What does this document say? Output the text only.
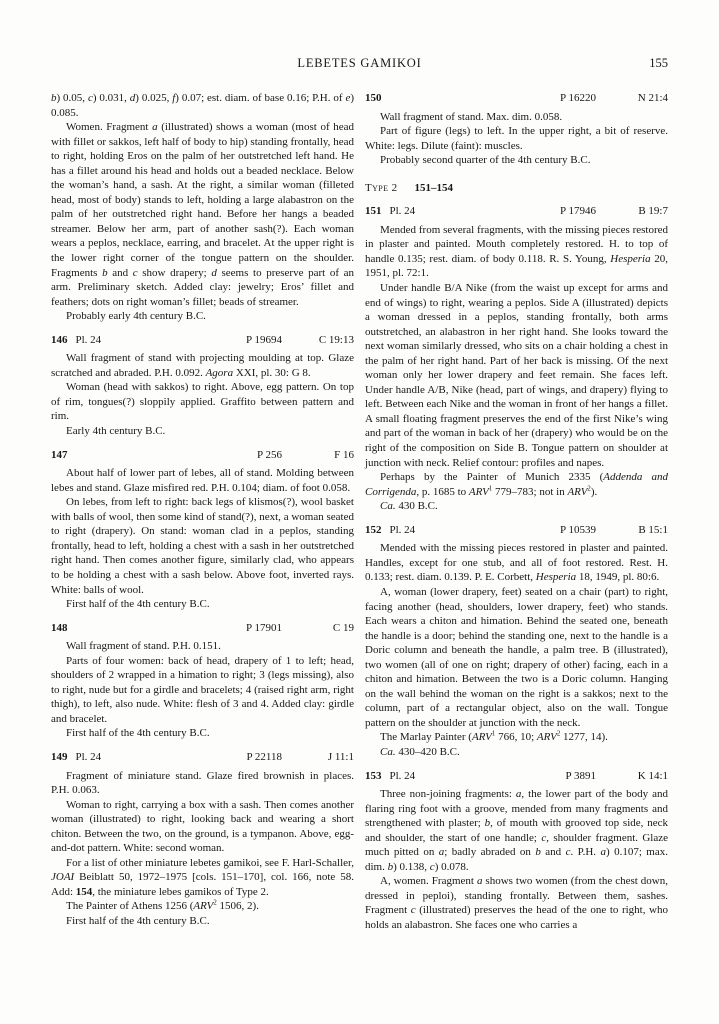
LEBETES GAMIKOI	155

b) 0.05, c) 0.031, d) 0.025, f) 0.07; est. diam. of base 0.16; P.H. of e) 0.085.

Women. Fragment a (illustrated) shows a woman (most of head with fillet or sakkos, left half of body to hip) standing frontally, head to right, holding Eros on the palm of her outstretched left hand. He has a fillet around his head and holds out a beaded necklace. Below the woman’s hand, a sash. At the right, a similar woman (filleted head, most of body) stands to left, holding a large alabastron on the palm of her outstretched right hand. Before her hangs a beaded streamer. Below her arm, part of another sash(?). Each woman wears a peplos, necklace, earring, and bracelet. At the upper right is the lower right corner of the tongue pattern on the shoulder. Fragments b and c show drapery; d seems to preserve part of an arm. Preliminary sketch. Added clay: jewelry; Eros’ fillet and feathers; dots on right woman’s fillet; beads of streamer.

Probably early 4th century B.C.

146 Pl. 24	P 19694	C 19:13

Wall fragment of stand with projecting moulding at top. Glaze scratched and abraded. P.H. 0.092. Agora XXI, pl. 30: G 8.

Woman (head with sakkos) to right. Above, egg pattern. On top of rim, tongues(?) sloppily applied. Graffito between pattern and rim.

Early 4th century B.C.

147	P 256	F 16

About half of lower part of lebes, all of stand. Molding between lebes and stand. Glaze misfired red. P.H. 0.104; diam. of foot 0.058.

On lebes, from left to right: back legs of klismos(?), wool basket with balls of wool, then some kind of stand(?), next, a woman seated to right (drapery). On stand: woman clad in a peplos, standing frontally, head to left, holding a chest with a sash in her outstretched right hand. Then comes another figure, similarly clad, who appears to be holding a chest with a sash below. Above foot, inverted rays. White: balls of wool.

First half of the 4th century B.C.

148	P 17901	C 19

Wall fragment of stand. P.H. 0.151.

Parts of four women: back of head, drapery of 1 to left; head, shoulders of 2 wrapped in a himation to right; 3 (legs missing), also to right, nude but for a girdle and bracelets; 4 (raised right arm, right thigh), to left, also nude. White: flesh of 3 and 4. Added clay: girdle and bracelet.

First half of the 4th century B.C.

149 Pl. 24	P 22118	J 11:1

Fragment of miniature stand. Glaze fired brownish in places. P.H. 0.063.

Woman to right, carrying a box with a sash. Then comes another woman (illustrated) to right, looking back and wearing a short chiton. Between the two, on the ground, is a tympanon. Above, egg-and-dot pattern. White: second woman.

For a list of other miniature lebetes gamikoi, see F. Harl-Schaller, JOAI Beiblatt 50, 1972–1975 [cols. 151–170], col. 166, note 58. Add: 154, the miniature lebes gamikos of Type 2.

The Painter of Athens 1256 (ARV$^2$ 1506, 2).

First half of the 4th century B.C.

150	P 16220	N 21:4

Wall fragment of stand. Max. dim. 0.058.

Part of figure (legs) to left. In the upper right, a bit of reserve. White: legs. Dilute (faint): muscles.

Probably second quarter of the 4th century B.C.

Type 2 151–154
151 Pl. 24	P 17946	B 19:7

Mended from several fragments, with the missing pieces restored in plaster and painted. Mouth completely restored. H. to top of handle 0.135; rest. diam. of body 0.118. R. S. Young, Hesperia 20, 1951, pl. 72:1.

Under handle B/A Nike (from the waist up except for arms and end of wings) to right, wearing a peplos. Side A (illustrated) depicts a woman dressed in a peplos, standing frontally, both arms outstretched, an alabastron in her right hand. She looks toward the next woman similarly dressed, who sits on a chair holding a chest in the palm of her right hand. Part of her back is missing. Of the next woman only her lower drapery and feet remain. She faces left. Under handle A/B, Nike (head, part of wings, and drapery) flying to left. Between each Nike and the woman in front of her hangs a fillet. A small floating fragment preserves the end of the first Nike’s wing and part of the woman in back of her (drapery) who would be on the right of the composition on Side B. Tongue pattern on shoulder at junction with neck. Relief contour: profiles and napes.

Perhaps by the Painter of Munich 2335 (Addenda and Corrigenda, p. 1685 to ARV$^1$ 779–783; not in ARV$^2$).

Ca. 430 B.C.

152 Pl. 24	P 10539	B 15:1

Mended with the missing pieces restored in plaster and painted. Handles, except for one stub, and all of foot restored. Rest. H. 0.133; rest. diam. 0.139. P. E. Corbett, Hesperia 18, 1949, pl. 80:6.

A, woman (lower drapery, feet) seated on a chair (part) to right, facing another (head, shoulders, lower drapery, feet) who stands. Each wears a chiton and himation. Behind the seated one, beneath the handle is a door; behind the standing one, next to the handle is a Doric column and beneath the handle, a palm tree. B (illustrated), two women (all of one on right; drapery of other) facing, each in a chiton and himation. Between the two is a Doric column. Hanging on the wall behind the woman on the right is a sakkos; next to the column, part of a rectangular object, also on the wall. Tongue pattern on the shoulder at junction with the neck.

The Marlay Painter (ARV$^1$ 766, 10; ARV$^2$ 1277, 14).

Ca. 430–420 B.C.

153 Pl. 24	P 3891	K 14:1

Three non-joining fragments: a, the lower part of the body and flaring ring foot with a groove, mended from many fragments and strengthened with plaster; b, of mouth with grooved top side, neck and shoulder, the start of one handle; c, shoulder fragment. Glaze much pitted on a; badly abraded on b and c. P.H. a) 0.107; max. dim. b) 0.138, c) 0.078.

A, women. Fragment a shows two women (from the chest down, dressed in peploi), standing frontally. Between them, sashes. Fragment c (illustrated) preserves the head of the one to right, who holds an alabastron. She faces one who carries a
